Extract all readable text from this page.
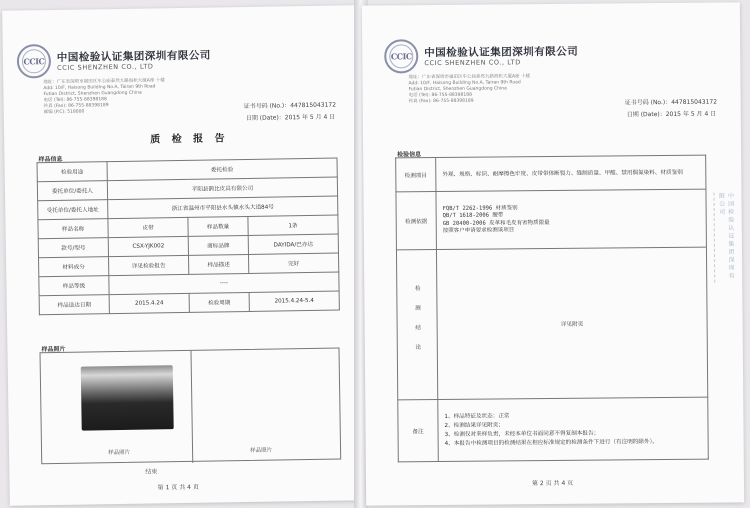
CCIC 中国检验认证集团深圳有限公司
CCIC SHENZHEN CO., LTD
地址：广东省深圳市福田区车公庙泰然九路海松大厦A座 十楼
Add: 10/F, Haisong Building No.A, Tairan 9th Road
Futian District, Shenzhen Guangdong China
电话 (Tel): 86-755-88398188
传真 (Fax): 86-755-88398189
邮编 (P.C): 518000
证书号码 (No.)：447815043172
日期 (Date)：2015 年 5 月 4 日
质 检 报 告
样品信息
检验用途	委托检验		
委托单位/委托人	平阳县鹊比皮具有限公司		
受托单位/委托人地址	浙江省温州市平阳县水头镇水头大道84号		
样品名称	皮带	样品数量	1条
款号/型号	CSX-YJK002	商标品牌	DAYIDA/巴亦达
材料成分	详见检验报告	样品描述	完好
样品等级	----		
样品送达日期	2015.4.24	检验周期	2015.4.24-5.4
样品照片
样品照片	样品照片
结束
第 1 页 共 4 页
CCIC 中国检验认证集团深圳有限公司
CCIC SHENZHEN CO., LTD
地址：广东省深圳市福田区车公庙泰然九路海松大厦A座 十楼
Add: 10/F, Haisong Building No.A, Tairan 9th Road
Futian District, Shenzhen Guangdong China
电话 (Tel): 86-755-88398188
传真 (Fax): 86-755-88398189	证书号码 (No.)：447815043172
日期 (Date)：2015 年 5 月 4 日
检验信息
检测项目	外观、规格、标识、耐摩擦色牢度、皮带带体断裂力、缝制质量、甲醛、禁用偶氮染料、材质鉴别
检测依据	FQB/T 2262-1996 材质鉴别
QB/T 1618-2006 腰带
GB 20400-2006 皮革和毛皮有害物质限量
按照客户申请要求检测该项目

检测结论	详见附页
备注	1、样品特征及状态：正常
2、检测结果详见附页；
3、检测仅对来样负责，未经本单位书面同意不得复制本报告；
4、本报告中检测项目的检测结果在相应标准规定的检测条件下进行（有注明的除外）。
中国检验认证集团深圳有限公司
第 2 页 共 4 页
